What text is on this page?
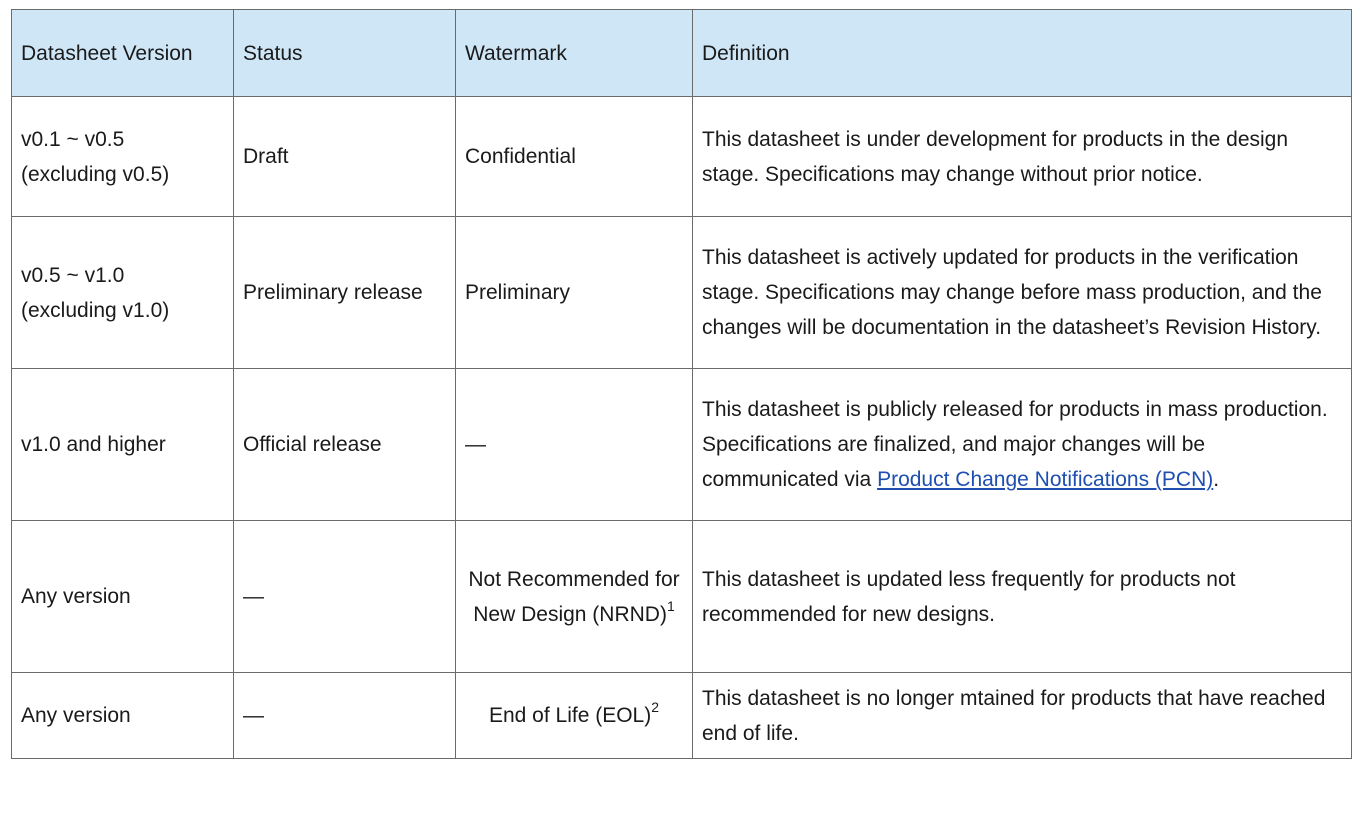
Datasheet Version	Status	Watermark	Definition

v0.1 ~ v0.5
(excluding v0.5)	Draft	Confidential	This datasheet is under development for products in the design stage. Specifications may change without prior notice.

v0.5 ~ v1.0
(excluding v1.0)	Preliminary release	Preliminary	This datasheet is actively updated for products in the verification stage. Specifications may change before mass production, and the changes will be documentation in the datasheet’s Revision History.
v1.0 and higher	Official release	—	This datasheet is publicly released for products in mass production. Specifications are finalized, and major changes will be communicated via Product Change Notifications (PCN).
Any version	—	Not Recommended for New Design (NRND)$^1$	This datasheet is updated less frequently for products not recommended for new designs.
Any version	—	End of Life (EOL)$^2$	This datasheet is no longer mtained for products that have reached end of life.
